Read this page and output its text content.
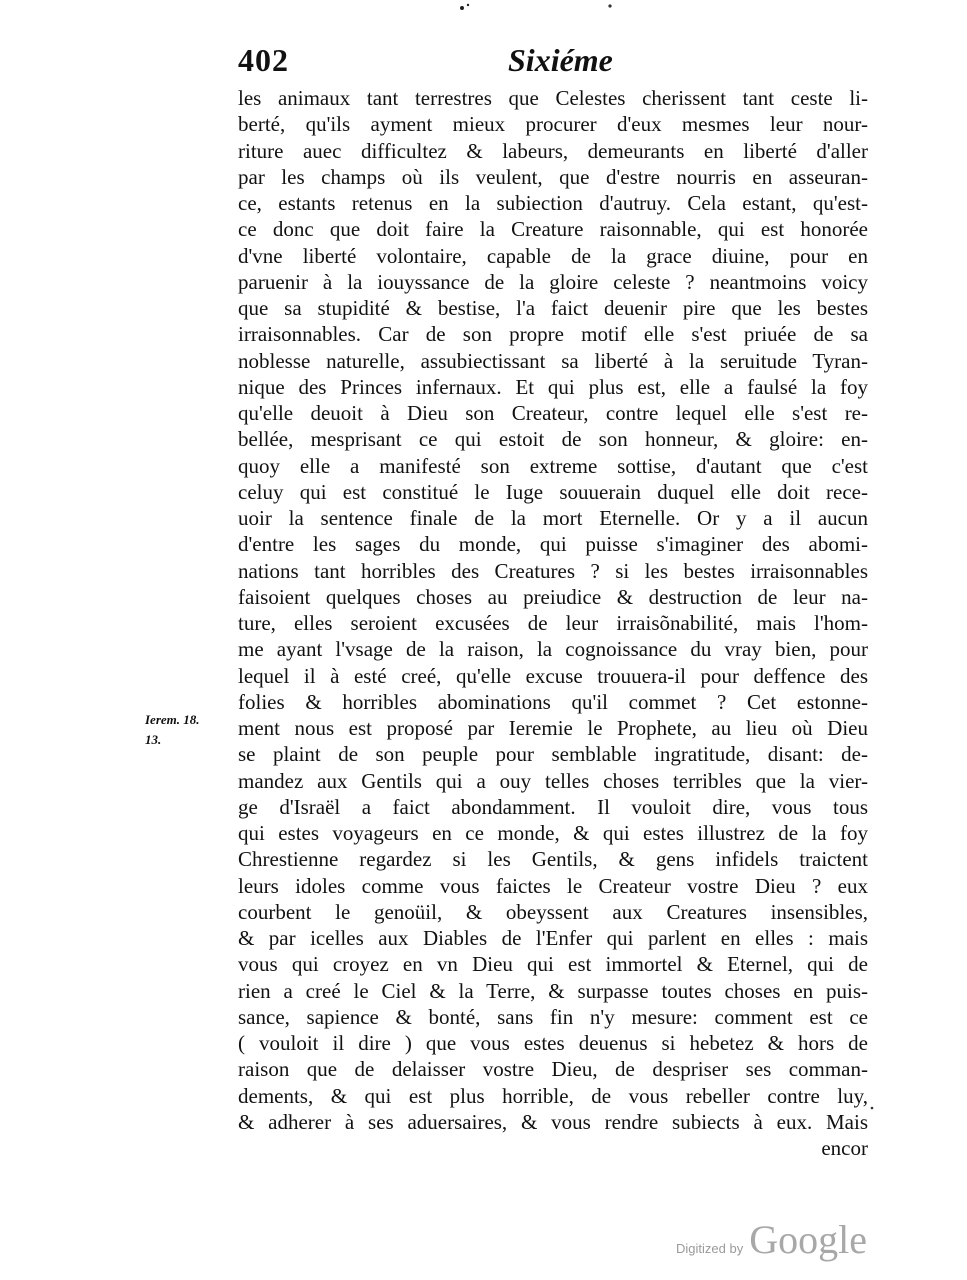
402	Sixiéme
Ierem. 18.
13.
les animaux tant terrestres que Celestes cherissent tant ceste li-
berté, qu'ils ayment mieux procurer d'eux mesmes leur nour-
riture auec difficultez & labeurs, demeurants en liberté d'aller
par les champs où ils veulent, que d'estre nourris en asseuran-
ce, estants retenus en la subiection d'autruy. Cela estant, qu'est-
ce donc que doit faire la Creature raisonnable, qui est honorée
d'vne liberté volontaire, capable de la grace diuine, pour en
paruenir à la iouyssance de la gloire celeste ? neantmoins voicy
que sa stupidité & bestise, l'a faict deuenir pire que les bestes
irraisonnables. Car de son propre motif elle s'est priuée de sa
noblesse naturelle, assubiectissant sa liberté à la seruitude Tyran-
nique des Princes infernaux. Et qui plus est, elle a faulsé la foy
qu'elle deuoit à Dieu son Createur, contre lequel elle s'est re-
bellée, mesprisant ce qui estoit de son honneur, & gloire: en-
quoy elle a manifesté son extreme sottise, d'autant que c'est
celuy qui est constitué le Iuge souuerain duquel elle doit rece-
uoir la sentence finale de la mort Eternelle. Or y a il aucun
d'entre les sages du monde, qui puisse s'imaginer des abomi-
nations tant horribles des Creatures ? si les bestes irraisonnables
faisoient quelques choses au preiudice & destruction de leur na-
ture, elles seroient excusées de leur irraisõnabilité, mais l'hom-
me ayant l'vsage de la raison, la cognoissance du vray bien, pour
lequel il à esté creé, qu'elle excuse trouuera-il pour deffence des
folies & horribles abominations qu'il commet ? Cet estonne-
ment nous est proposé par Ieremie le Prophete, au lieu où Dieu
se plaint de son peuple pour semblable ingratitude, disant: de-
mandez aux Gentils qui a ouy telles choses terribles que la vier-
ge d'Israël a faict abondamment. Il vouloit dire, vous tous
qui estes voyageurs en ce monde, & qui estes illustrez de la foy
Chrestienne regardez si les Gentils, & gens infidels traictent
leurs idoles comme vous faictes le Createur vostre Dieu ? eux
courbent le genoüil, & obeyssent aux Creatures insensibles,
& par icelles aux Diables de l'Enfer qui parlent en elles : mais
vous qui croyez en vn Dieu qui est immortel & Eternel, qui de
rien a creé le Ciel & la Terre, & surpasse toutes choses en puis-
sance, sapience & bonté, sans fin n'y mesure: comment est ce
( vouloit il dire ) que vous estes deuenus si hebetez & hors de
raison que de delaisser vostre Dieu, de despriser ses comman-
dements, & qui est plus horrible, de vous rebeller contre luy,
& adherer à ses aduersaires, & vous rendre subiects à eux. Mais
encor
Digitized by Google
